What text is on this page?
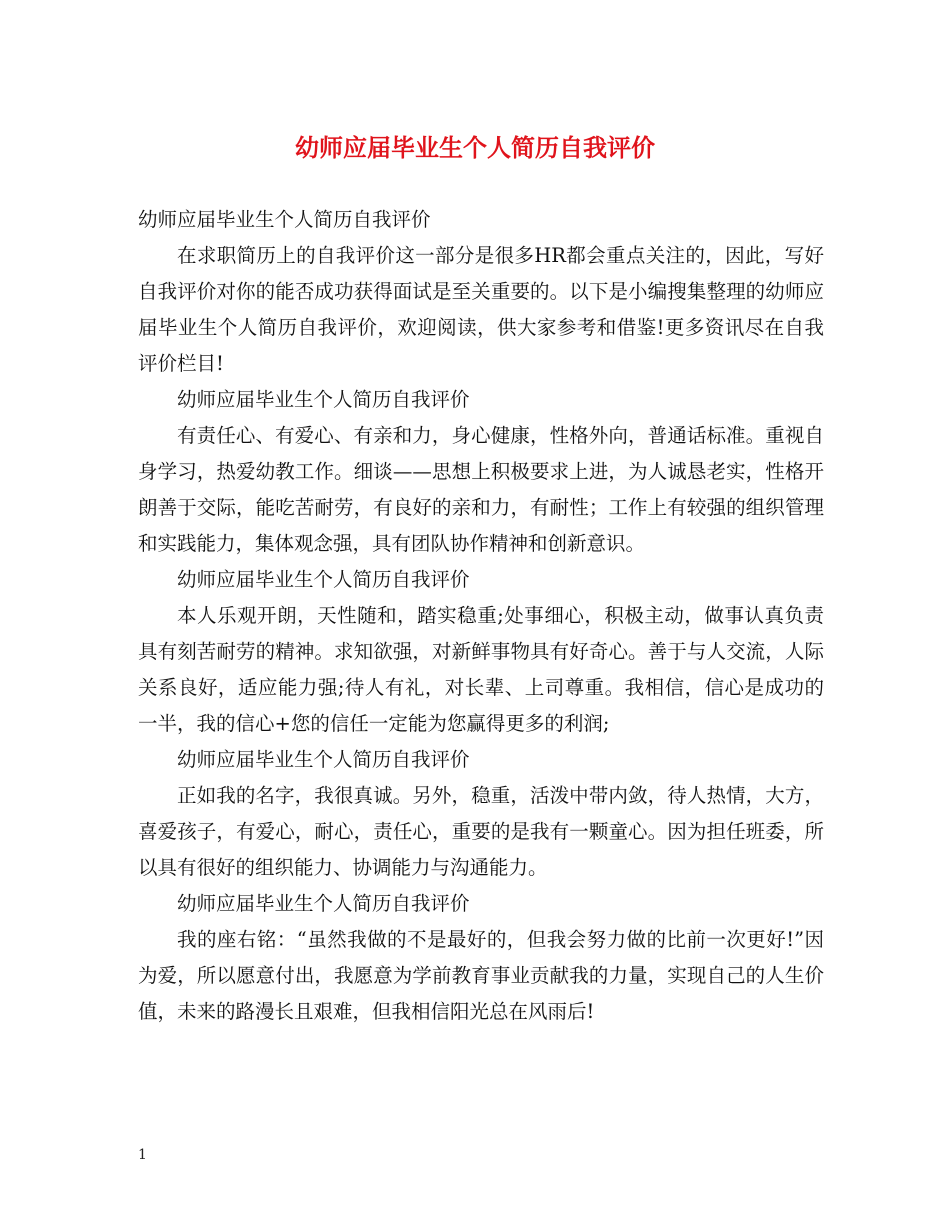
幼师应届毕业生个人简历自我评价

幼师应届毕业生个人简历自我评价

在求职简历上的自我评价这一部分是很多HR都会重点关注的，因此，写好自我评价对你的能否成功获得面试是至关重要的。以下是小编搜集整理的幼师应届毕业生个人简历自我评价，欢迎阅读，供大家参考和借鉴!更多资讯尽在自我评价栏目!

幼师应届毕业生个人简历自我评价

有责任心、有爱心、有亲和力，身心健康，性格外向，普通话标准。重视自身学习，热爱幼教工作。细谈——思想上积极要求上进，为人诚恳老实，性格开朗善于交际，能吃苦耐劳，有良好的亲和力，有耐性；工作上有较强的组织管理和实践能力，集体观念强，具有团队协作精神和创新意识。

幼师应届毕业生个人简历自我评价

本人乐观开朗，天性随和，踏实稳重;处事细心，积极主动，做事认真负责具有刻苦耐劳的精神。求知欲强，对新鲜事物具有好奇心。善于与人交流，人际关系良好，适应能力强;待人有礼，对长辈、上司尊重。我相信，信心是成功的一半，我的信心+您的信任一定能为您赢得更多的利润;

幼师应届毕业生个人简历自我评价

正如我的名字，我很真诚。另外，稳重，活泼中带内敛，待人热情，大方，喜爱孩子，有爱心，耐心，责任心，重要的是我有一颗童心。因为担任班委，所以具有很好的组织能力、协调能力与沟通能力。

幼师应届毕业生个人简历自我评价

我的座右铭：“虽然我做的不是最好的，但我会努力做的比前一次更好!”因为爱，所以愿意付出，我愿意为学前教育事业贡献我的力量，实现自己的人生价值，未来的路漫长且艰难，但我相信阳光总在风雨后!

1
